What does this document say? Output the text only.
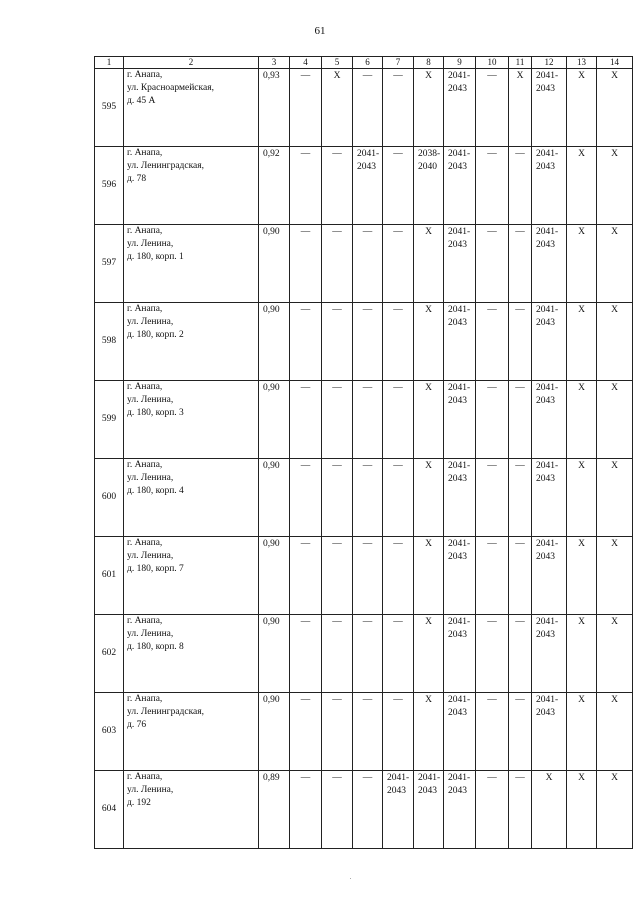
61
1	2	3	4	5	6	7	8	9	10	11	12	13	14
595	г. Анапа,
ул. Красноармейская,
д. 45 А	0,93	—	Х	—	—	Х	2041-
2043	—	Х	2041-
2043	Х	Х
596	г. Анапа,
ул. Ленинградская,
д. 78	0,92	—	—	2041-
2043	—	2038-
2040	2041-
2043	—	—	2041-
2043	Х	Х
597	г. Анапа,
ул. Ленина,
д. 180, корп. 1	0,90	—	—	—	—	Х	2041-
2043	—	—	2041-
2043	Х	Х
598	г. Анапа,
ул. Ленина,
д. 180, корп. 2	0,90	—	—	—	—	Х	2041-
2043	—	—	2041-
2043	Х	Х
599	г. Анапа,
ул. Ленина,
д. 180, корп. 3	0,90	—	—	—	—	Х	2041-
2043	—	—	2041-
2043	Х	Х
600	г. Анапа,
ул. Ленина,
д. 180, корп. 4	0,90	—	—	—	—	Х	2041-
2043	—	—	2041-
2043	Х	Х
601	г. Анапа,
ул. Ленина,
д. 180, корп. 7	0,90	—	—	—	—	Х	2041-
2043	—	—	2041-
2043	Х	Х
602	г. Анапа,
ул. Ленина,
д. 180, корп. 8	0,90	—	—	—	—	Х	2041-
2043	—	—	2041-
2043	Х	Х
603	г. Анапа,
ул. Ленинградская,
д. 76	0,90	—	—	—	—	Х	2041-
2043	—	—	2041-
2043	Х	Х
604	г. Анапа,
ул. Ленина,
д. 192	0,89	—	—	—	2041-
2043	2041-
2043	2041-
2043	—	—	Х	Х	Х
